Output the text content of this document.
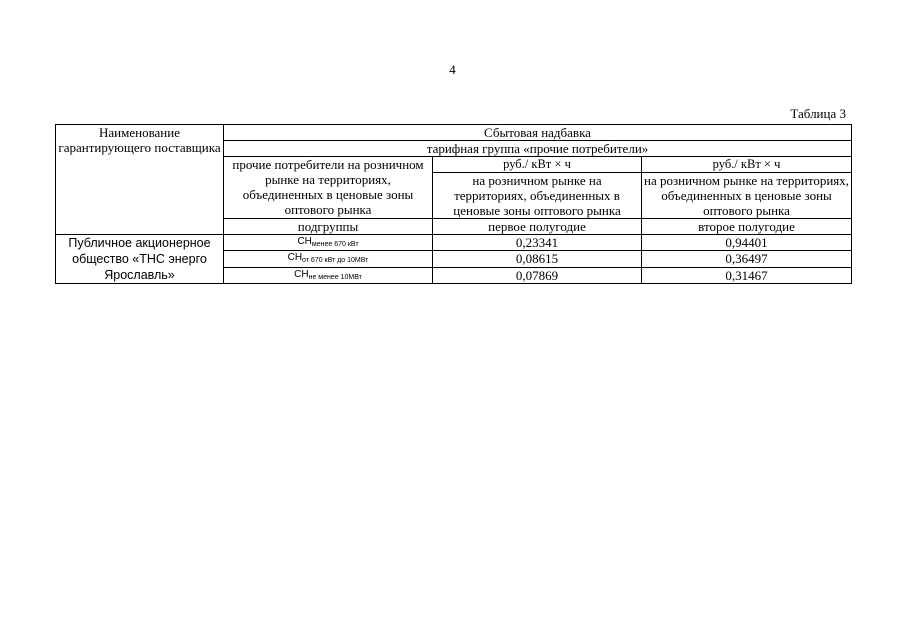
4
Таблица 3
Наименование гарантирующего поставщика	Сбытовая надбавка		
	тарифная группа «прочие потребители»		
	прочие потребители на розничном рынке на территориях, объединенных в ценовые зоны оптового рынка	руб./ кВт × ч	руб./ кВт × ч
		на розничном рынке на территориях, объединенных в ценовые зоны оптового рынка	на розничном рынке на территориях, объединенных в ценовые зоны оптового рынка
	подгруппы	первое полугодие	второе полугодие
Публичное акционерное общество «ТНС энерго Ярославль»	$СН_{менее 670 кВт}$	0,23341	0,94401
	$СН_{от 670 кВт до 10МВт}$	0,08615	0,36497
	$СН_{не менее 10МВт}$	0,07869	0,31467
